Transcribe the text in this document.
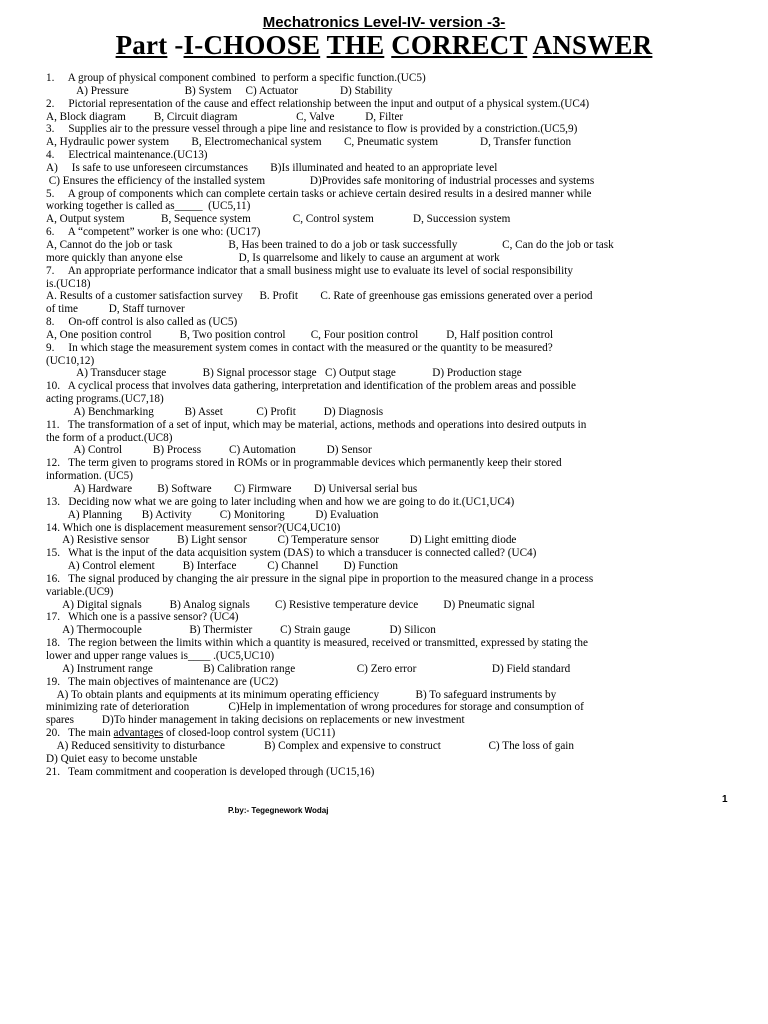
Mechatronics Level-IV- version -3-
Part -I-CHOOSE THE CORRECT ANSWER
1.     A group of physical component combined  to perform a specific function.(UC5)
A) Pressure                    B) System     C) Actuator               D) Stability
2.     Pictorial representation of the cause and effect relationship between the input and output of a physical system.(UC4)
A, Block diagram          B, Circuit diagram                     C, Valve           D, Filter
3.     Supplies air to the pressure vessel through a pipe line and resistance to flow is provided by a constriction.(UC5,9)
A, Hydraulic power system        B, Electromechanical system        C, Pneumatic system               D, Transfer function
4.     Electrical maintenance.(UC13)
A)     Is safe to use unforeseen circumstances        B)Is illuminated and heated to an appropriate level
C) Ensures the efficiency of the installed system                D)Provides safe monitoring of industrial processes and systems
5.     A group of components which can complete certain tasks or achieve certain desired results in a desired manner while
working together is called as_____  (UC5,11)
A, Output system             B, Sequence system               C, Control system              D, Succession system
6.     A “competent” worker is one who: (UC17)
A, Cannot do the job or task                    B, Has been trained to do a job or task successfully                C, Can do the job or task
more quickly than anyone else                    D, Is quarrelsome and likely to cause an argument at work
7.     An appropriate performance indicator that a small business might use to evaluate its level of social responsibility
is.(UC18)
A. Results of a customer satisfaction survey      B. Profit        C. Rate of greenhouse gas emissions generated over a period
of time           D, Staff turnover
8.     On-off control is also called as (UC5)
A, One position control          B, Two position control         C, Four position control          D, Half position control
9.     In which stage the measurement system comes in contact with the measured or the quantity to be measured?
(UC10,12)
A) Transducer stage             B) Signal processor stage   C) Output stage             D) Production stage
10.   A cyclical process that involves data gathering, interpretation and identification of the problem areas and possible
acting programs.(UC7,18)
A) Benchmarking           B) Asset            C) Profit          D) Diagnosis
11.   The transformation of a set of input, which may be material, actions, methods and operations into desired outputs in
the form of a product.(UC8)
A) Control           B) Process          C) Automation           D) Sensor
12.   The term given to programs stored in ROMs or in programmable devices which permanently keep their stored
information. (UC5)
A) Hardware         B) Software        C) Firmware        D) Universal serial bus
13.   Deciding now what we are going to later including when and how we are going to do it.(UC1,UC4)
A) Planning       B) Activity          C) Monitoring           D) Evaluation
14. Which one is displacement measurement sensor?(UC4,UC10)
A) Resistive sensor          B) Light sensor           C) Temperature sensor           D) Light emitting diode
15.   What is the input of the data acquisition system (DAS) to which a transducer is connected called? (UC4)
A) Control element          B) Interface           C) Channel         D) Function
16.   The signal produced by changing the air pressure in the signal pipe in proportion to the measured change in a process
variable.(UC9)
A) Digital signals          B) Analog signals         C) Resistive temperature device         D) Pneumatic signal
17.   Which one is a passive sensor? (UC4)
A) Thermocouple                 B) Thermister          C) Strain gauge              D) Silicon
18.   The region between the limits within which a quantity is measured, received or transmitted, expressed by stating the
lower and upper range values is____ .(UC5,UC10)
A) Instrument range                  B) Calibration range                      C) Zero error                           D) Field standard
19.   The main objectives of maintenance are (UC2)
A) To obtain plants and equipments at its minimum operating efficiency             B) To safeguard instruments by
minimizing rate of deterioration              C)Help in implementation of wrong procedures for storage and consumption of
spares          D)To hinder management in taking decisions on replacements or new investment
20.   The main advantages of closed-loop control system (UC11)
A) Reduced sensitivity to disturbance              B) Complex and expensive to construct                 C) The loss of gain
D) Quiet easy to become unstable
21.   Team commitment and cooperation is developed through (UC15,16)
1
P.by:- Tegegnework Wodaj
